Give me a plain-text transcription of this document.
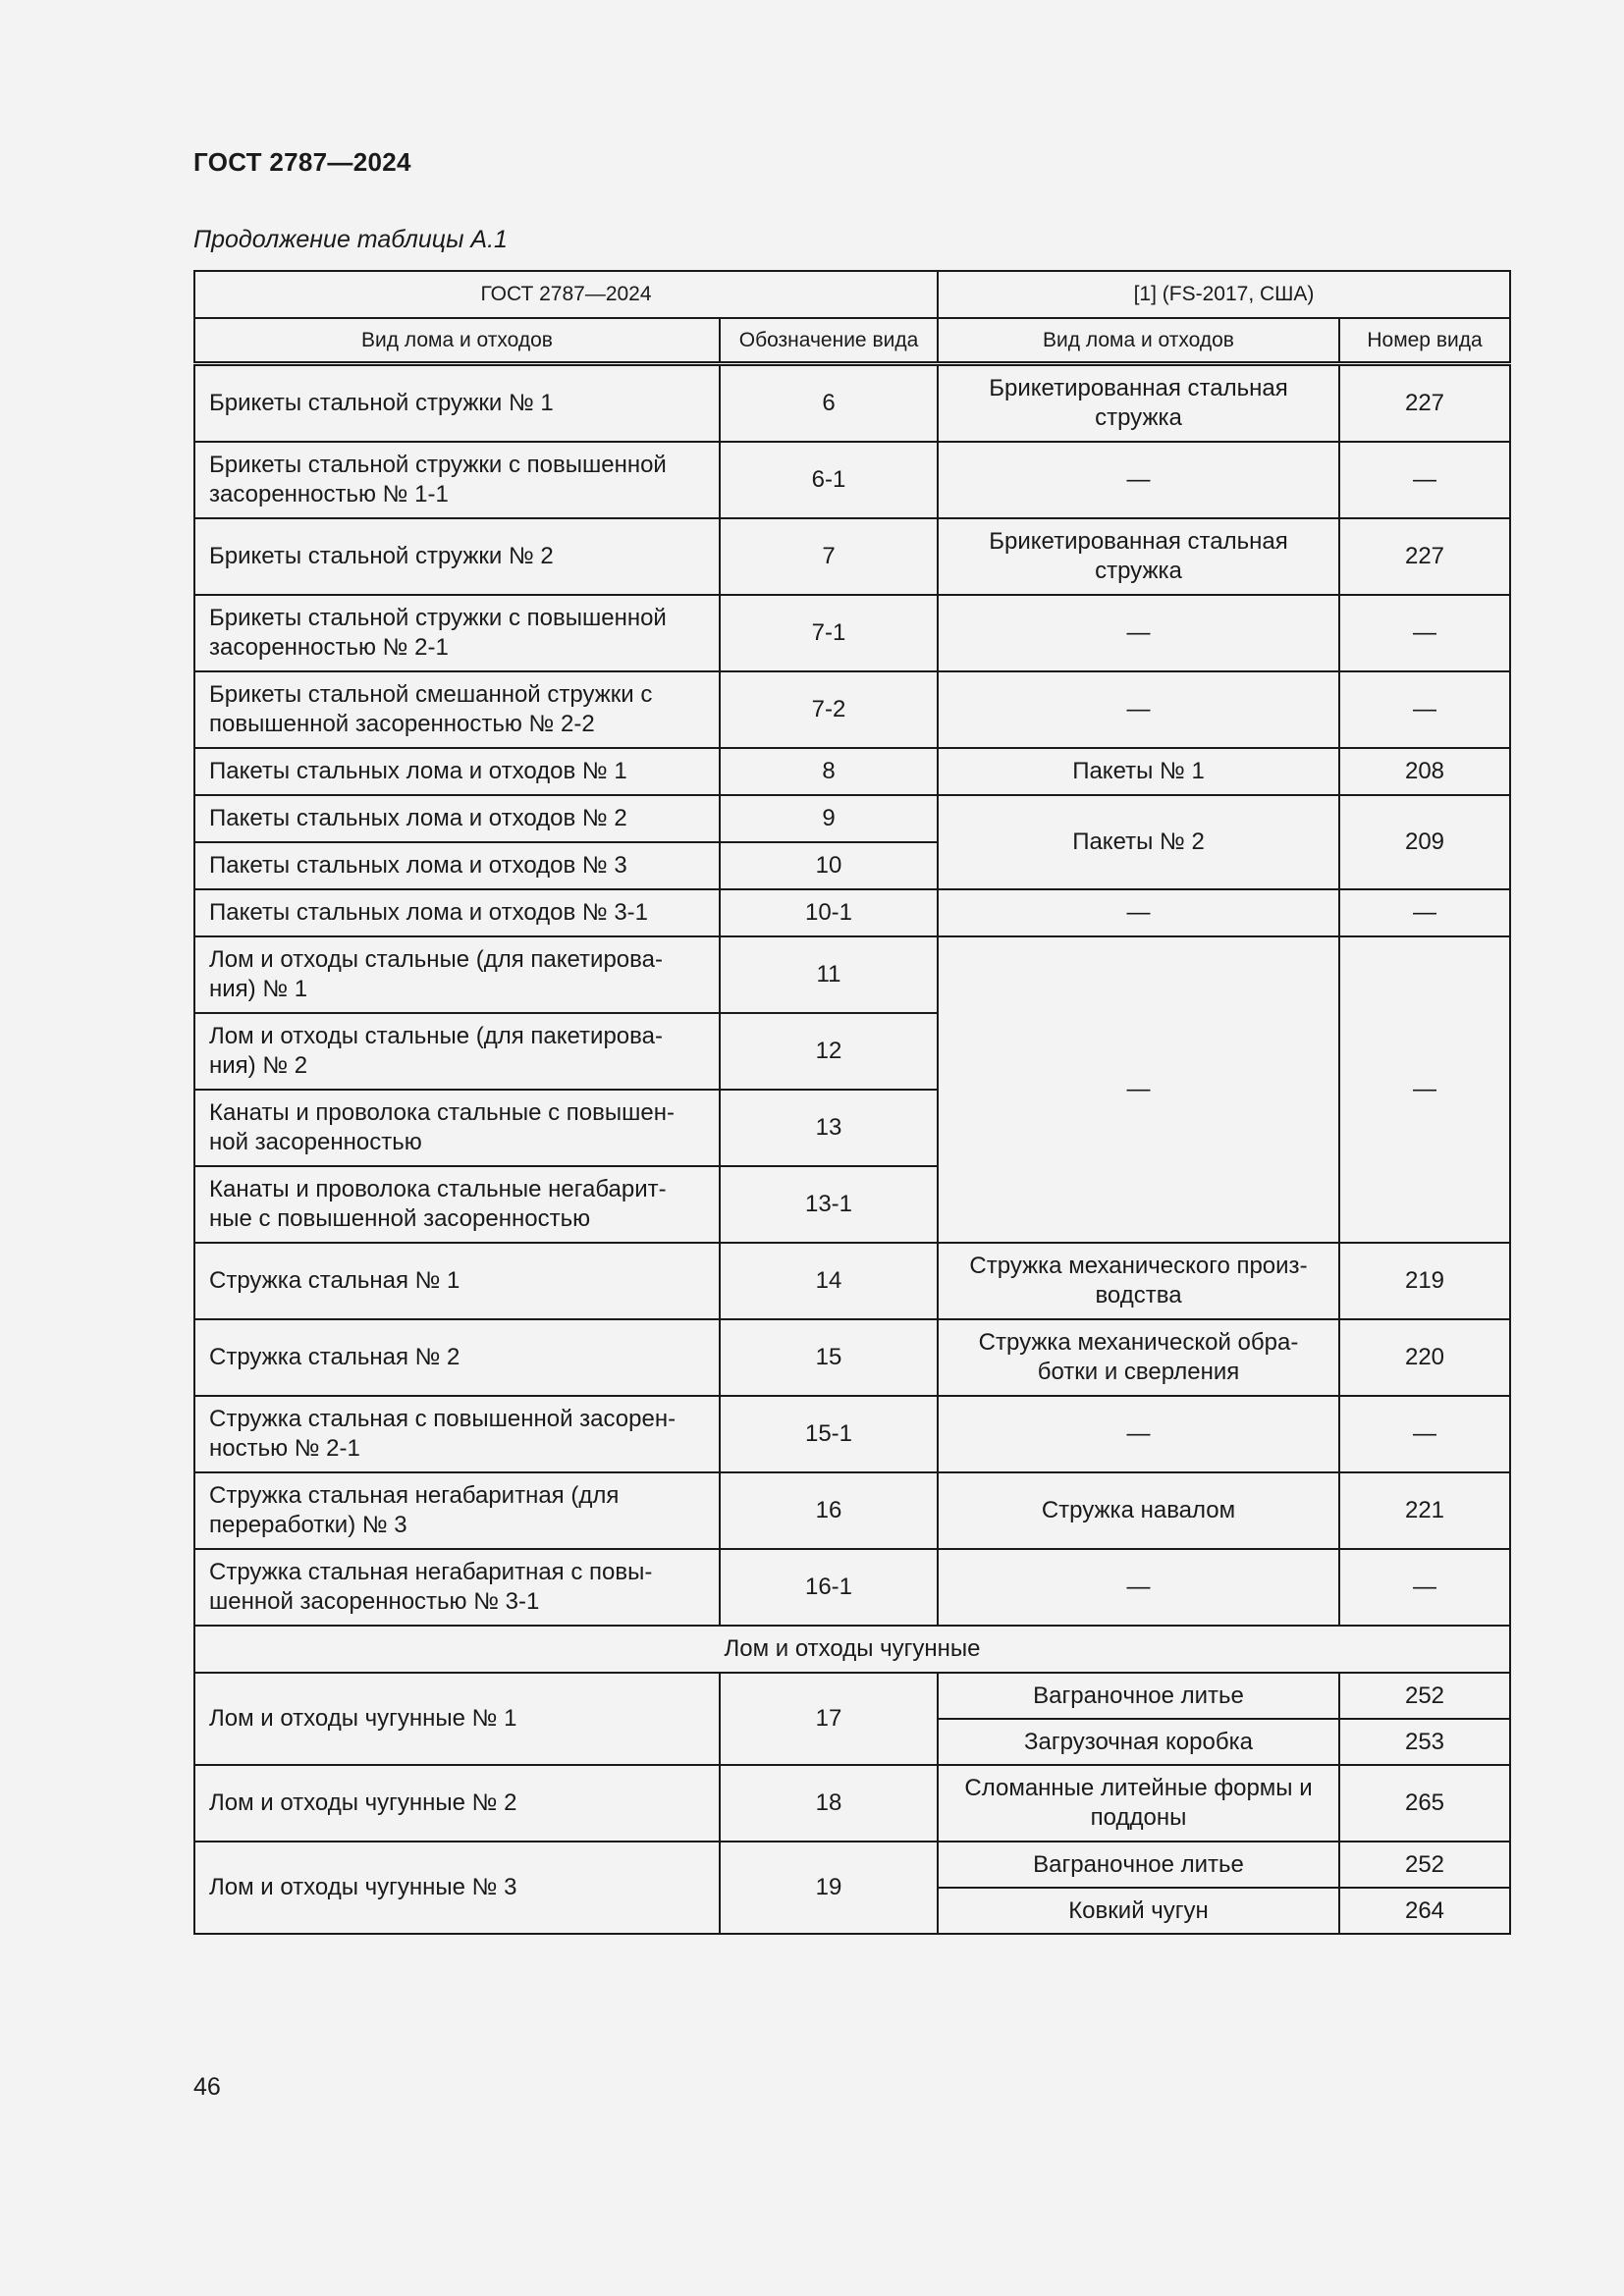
ГОСТ 2787—2024
Продолжение таблицы А.1
ГОСТ 2787—2024		[1] (FS-2017, США)	
Вид лома и отходов	Обозначение вида	Вид лома и отходов	Номер вида
Брикеты стальной стружки № 1	6	Брикетированная стальная стружка	227
Брикеты стальной стружки с повышенной засоренностью № 1-1	6-1	—	—
Брикеты стальной стружки № 2	7	Брикетированная стальная стружка	227
Брикеты стальной стружки с повышенной засоренностью № 2-1	7-1	—	—
Брикеты стальной смешанной стружки с повышенной засоренностью № 2-2	7-2	—	—
Пакеты стальных лома и отходов № 1	8	Пакеты № 1	208
Пакеты стальных лома и отходов № 2	9	Пакеты № 2	209
Пакеты стальных лома и отходов № 3	10		
Пакеты стальных лома и отходов № 3-1	10-1	—	—
Лом и отходы стальные (для пакетирова-ния) № 1	11	—	—
Лом и отходы стальные (для пакетирова-ния) № 2	12		
Канаты и проволока стальные с повышен-ной засоренностью	13		
Канаты и проволока стальные негабарит-ные с повышенной засоренностью	13-1		
Стружка стальная № 1	14	Стружка механического произ-водства	219
Стружка стальная № 2	15	Стружка механической обра-ботки и сверления	220
Стружка стальная с повышенной засорен-ностью № 2-1	15-1	—	—
Стружка стальная негабаритная (для переработки) № 3	16	Стружка навалом	221
Стружка стальная негабаритная с повы-шенной засоренностью № 3-1	16-1	—	—
Лом и отходы чугунные			
Лом и отходы чугунные № 1	17	Вагранoчное литье	252
		Загрузочная коробка	253
Лом и отходы чугунные № 2	18	Сломанные литейные формы и поддоны	265
Лом и отходы чугунные № 3	19	Вагранoчное литье	252
		Ковкий чугун	264
46
